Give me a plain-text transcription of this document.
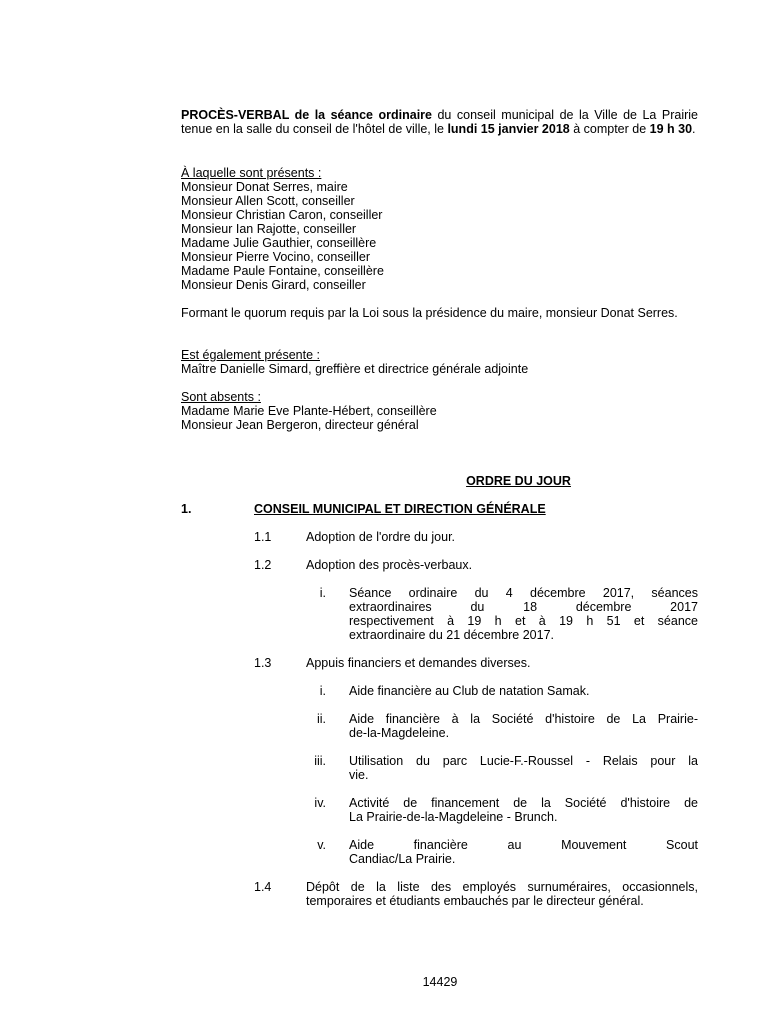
PROCÈS-VERBAL de la séance ordinaire du conseil municipal de la Ville de La Prairie tenue en la salle du conseil de l'hôtel de ville, le lundi 15 janvier 2018 à compter de 19 h 30.

À laquelle sont présents :
Monsieur Donat Serres, maire
Monsieur Allen Scott, conseiller
Monsieur Christian Caron, conseiller
Monsieur Ian Rajotte, conseiller
Madame Julie Gauthier, conseillère
Monsieur Pierre Vocino, conseiller
Madame Paule Fontaine, conseillère
Monsieur Denis Girard, conseiller

Formant le quorum requis par la Loi sous la présidence du maire, monsieur Donat Serres.

Est également présente :
Maître Danielle Simard, greffière et directrice générale adjointe
Sont absents :
Madame Marie Eve Plante-Hébert, conseillère
Monsieur Jean Bergeron, directeur général
ORDRE DU JOUR
1.	CONSEIL MUNICIPAL ET DIRECTION GÉNÉRALE
1.1	Adoption de l'ordre du jour.
1.2	Adoption des procès-verbaux.
i. Séance ordinaire du 4 décembre 2017, séances
extraordinaires du 18 décembre 2017
respectivement à 19 h et à 19 h 51 et séance
extraordinaire du 21 décembre 2017.
1.3	Appuis financiers et demandes diverses.
i. Aide financière au Club de natation Samak.
ii. Aide financière à la Société d'histoire de La Prairie-
de-la-Magdeleine.
iii. Utilisation du parc Lucie-F.-Roussel - Relais pour la
vie.
iv. Activité de financement de la Société d'histoire de
La Prairie-de-la-Magdeleine - Brunch.
v. Aide financière au Mouvement Scout
Candiac/La Prairie.
1.4	Dépôt de la liste des employés surnuméraires, occasionnels, temporaires et étudiants embauchés par le directeur général.
14429
